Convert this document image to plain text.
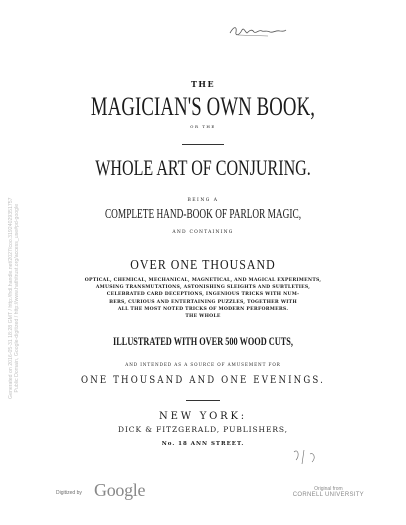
THE
MAGICIAN'S OWN BOOK,
OR THE
WHOLE ART OF CONJURING.
BEING A
COMPLETE HAND-BOOK OF PARLOR MAGIC,
AND CONTAINING
OVER ONE THOUSAND
OPTICAL, CHEMICAL, MECHANICAL, MAGNETICAL, AND MAGICAL EXPERIMENTS,
AMUSING TRANSMUTATIONS, ASTONISHING SLEIGHTS AND SUBTLETIES,
CELEBRATED CARD DECEPTIONS, INGENIOUS TRICKS WITH NUM-
BERS, CURIOUS AND ENTERTAINING PUZZLES, TOGETHER WITH
ALL THE MOST NOTED TRICKS OF MODERN PERFORMERS.
THE WHOLE
ILLUSTRATED WITH OVER 500 WOOD CUTS,
AND INTENDED AS A SOURCE OF AMUSEMENT FOR
ONE THOUSAND AND ONE EVENINGS.
NEW YORK:
DICK & FITZGERALD, PUBLISHERS,
No. 18 ANN STREET.
Generated on 2016-05-31 18:28 GMT / http://hdl.handle.net/2027/coo.31924029351757
Public Domain, Google-digitized / http://www.hathitrust.org/access_use#pd-google
Digitized by Google	Original from
CORNELL UNIVERSITY
